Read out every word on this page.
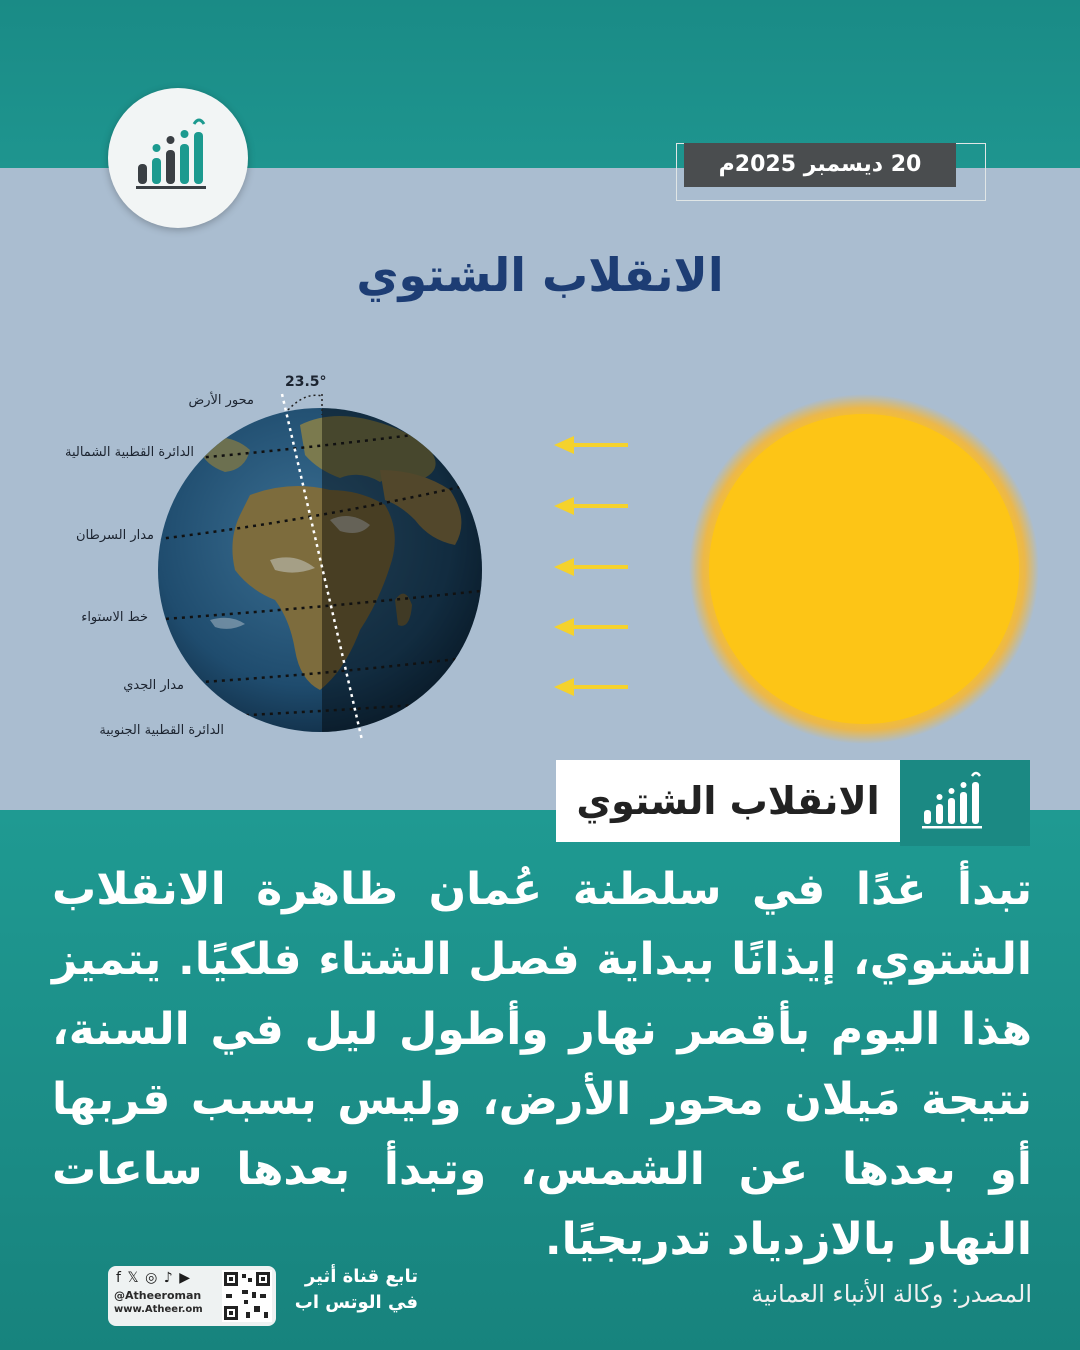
20 ديسمبر 2025م
الانقلاب الشتوي
23.5°
محور الأرض
الدائرة القطبية الشمالية
مدار السرطان
خط الاستواء
مدار الجدي
الدائرة القطبية الجنوبية
الانقلاب الشتوي
تبدأ غدًا في سلطنة عُمان ظاهرة الانقلاب الشتوي، إيذانًا ببداية فصل الشتاء فلكيًا. يتميز هذا اليوم بأقصر نهار وأطول ليل في السنة، نتيجة مَيلان محور الأرض، وليس بسبب قربها أو بعدها عن الشمس، وتبدأ بعدها ساعات النهار بالازدياد تدريجيًا.
المصدر: وكالة الأنباء العمانية
تابع قناة أثير
في الوتس اب
f 𝕏 ◎ ♪ ▶
@Atheeroman
www.Atheer.om
